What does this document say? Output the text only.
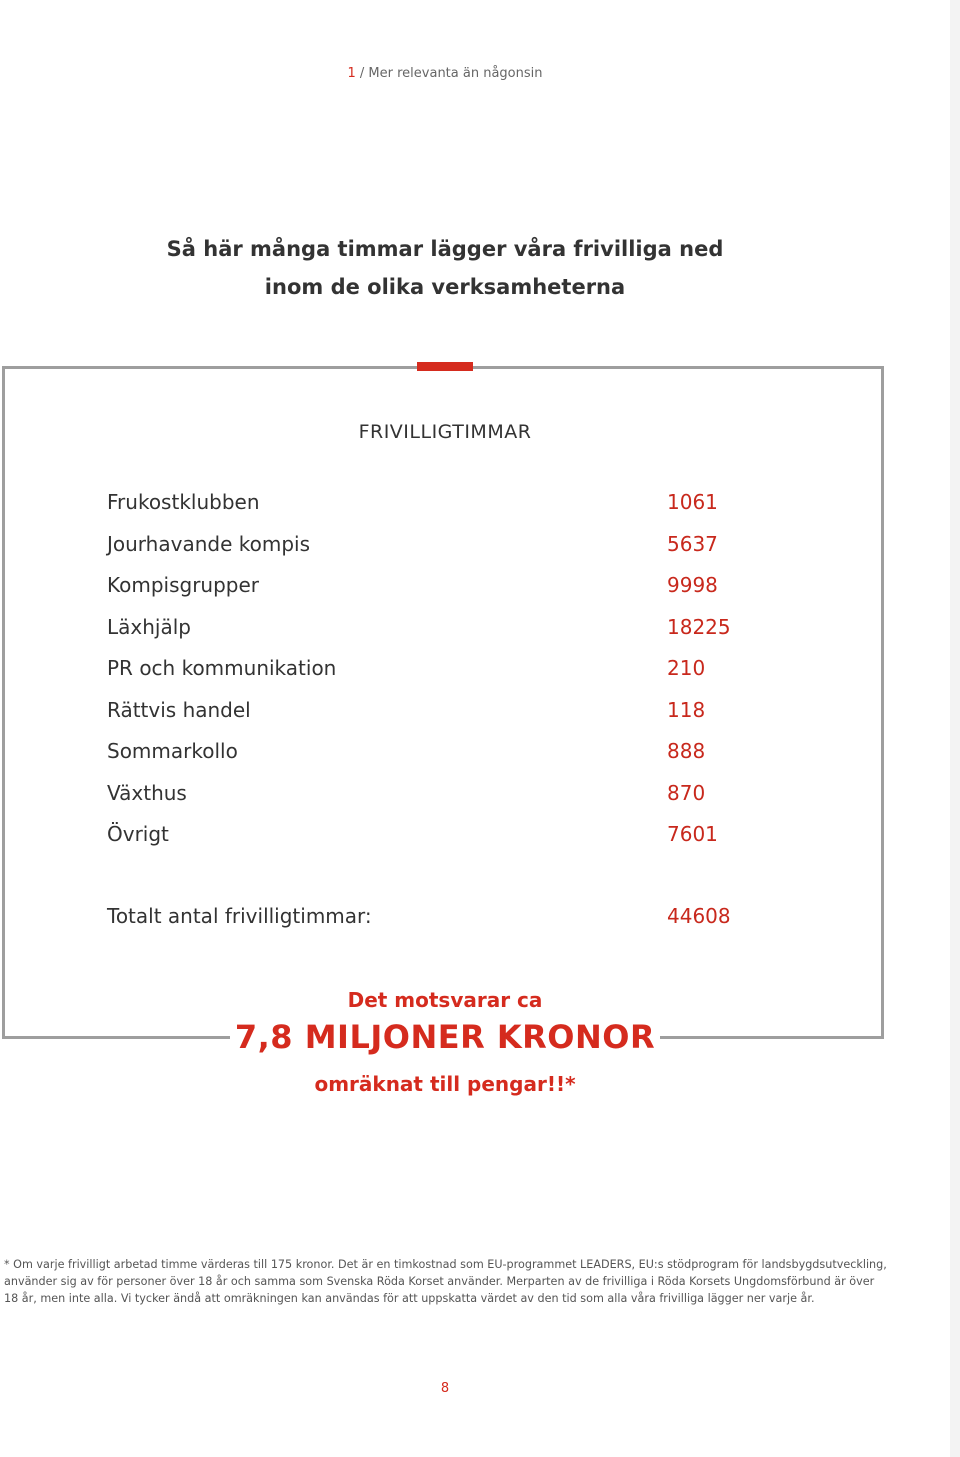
1 / Mer relevanta än någonsin
Så här många timmar lägger våra frivilliga ned
inom de olika verksamheterna
FRIVILLIGTIMMAR
Frukostklubben	1061
Jourhavande kompis	5637
Kompisgrupper	9998
Läxhjälp	18225
PR och kommunikation	210
Rättvis handel	118
Sommarkollo	888
Växthus	870
Övrigt	7601
Totalt antal frivilligtimmar:	44608
Det motsvarar ca
7,8 MILJONER KRONOR
omräknat till pengar!!*
* Om varje frivilligt arbetad timme värderas till 175 kronor. Det är en timkostnad som EU-programmet LEADERS, EU:s stödprogram för landsbygdsutveckling, använder sig av för personer över 18 år och samma som Svenska Röda Korset använder. Merparten av de frivilliga i Röda Korsets Ungdomsförbund är över 18 år, men inte alla. Vi tycker ändå att omräkningen kan användas för att uppskatta värdet av den tid som alla våra frivilliga lägger ner varje år.
8
